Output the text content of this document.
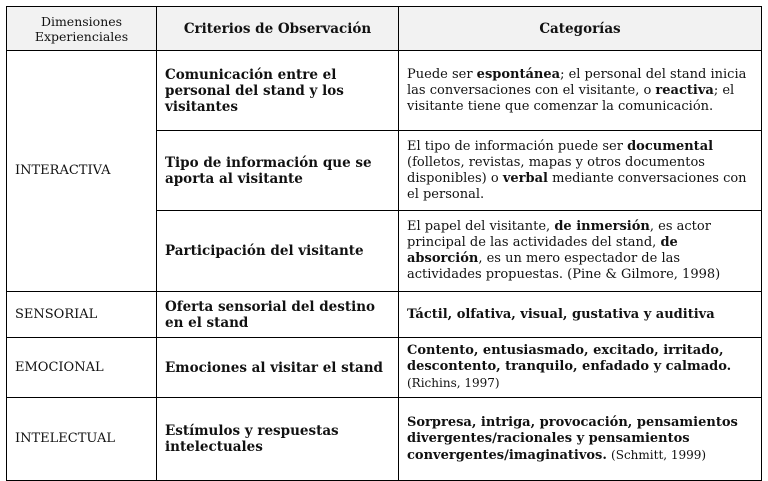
Dimensiones Experienciales	Criterios de Observación	Categorías
INTERACTIVA	Comunicación entre el personal del stand y los visitantes	Puede ser espontánea; el personal del stand inicia las conversaciones con el visitante, o reactiva; el visitante tiene que comenzar la comunicación.
	Tipo de información que se aporta al visitante	El tipo de información puede ser documental (folletos, revistas, mapas y otros documentos disponibles) o verbal mediante conversaciones con el personal.
	Participación del visitante	El papel del visitante, de inmersión, es actor principal de las actividades del stand, de absorción, es un mero espectador de las actividades propuestas. (Pine & Gilmore, 1998)
SENSORIAL	Oferta sensorial del destino en el stand	Táctil, olfativa, visual, gustativa y auditiva
EMOCIONAL	Emociones al visitar el stand	Contento, entusiasmado, excitado, irritado, descontento, tranquilo, enfadado y calmado. (Richins, 1997)
INTELECTUAL	Estímulos y respuestas intelectuales	Sorpresa, intriga, provocación, pensamientos divergentes/racionales y pensamientos convergentes/imaginativos. (Schmitt, 1999)
